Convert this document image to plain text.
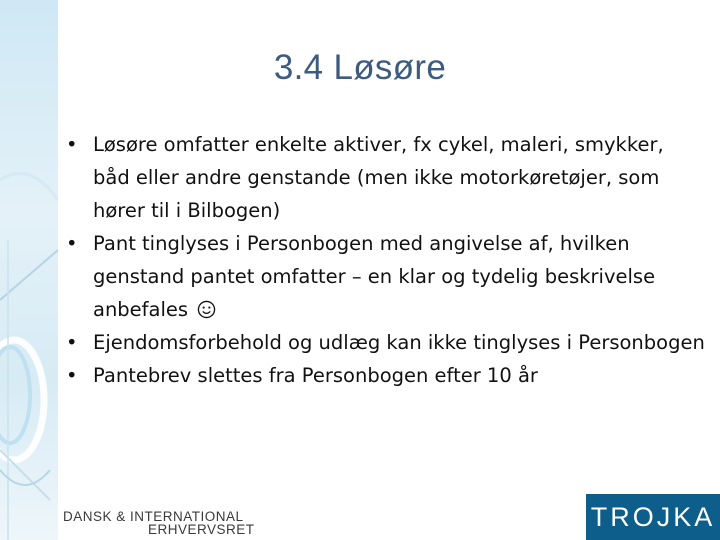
3.4 Løsøre
• Løsøre omfatter enkelte aktiver, fx cykel, maleri, smykker, båd eller andre genstande (men ikke motorkøretøjer, som hører til i Bilbogen)
• Pant tinglyses i Personbogen med angivelse af, hvilken genstand pantet omfatter – en klar og tydelig beskrivelse anbefales
• Ejendomsforbehold og udlæg kan ikke tinglyses i Personbogen
• Pantebrev slettes fra Personbogen efter 10 år
DANSK & INTERNATIONAL
ERHVERVSRET	TROJKA
